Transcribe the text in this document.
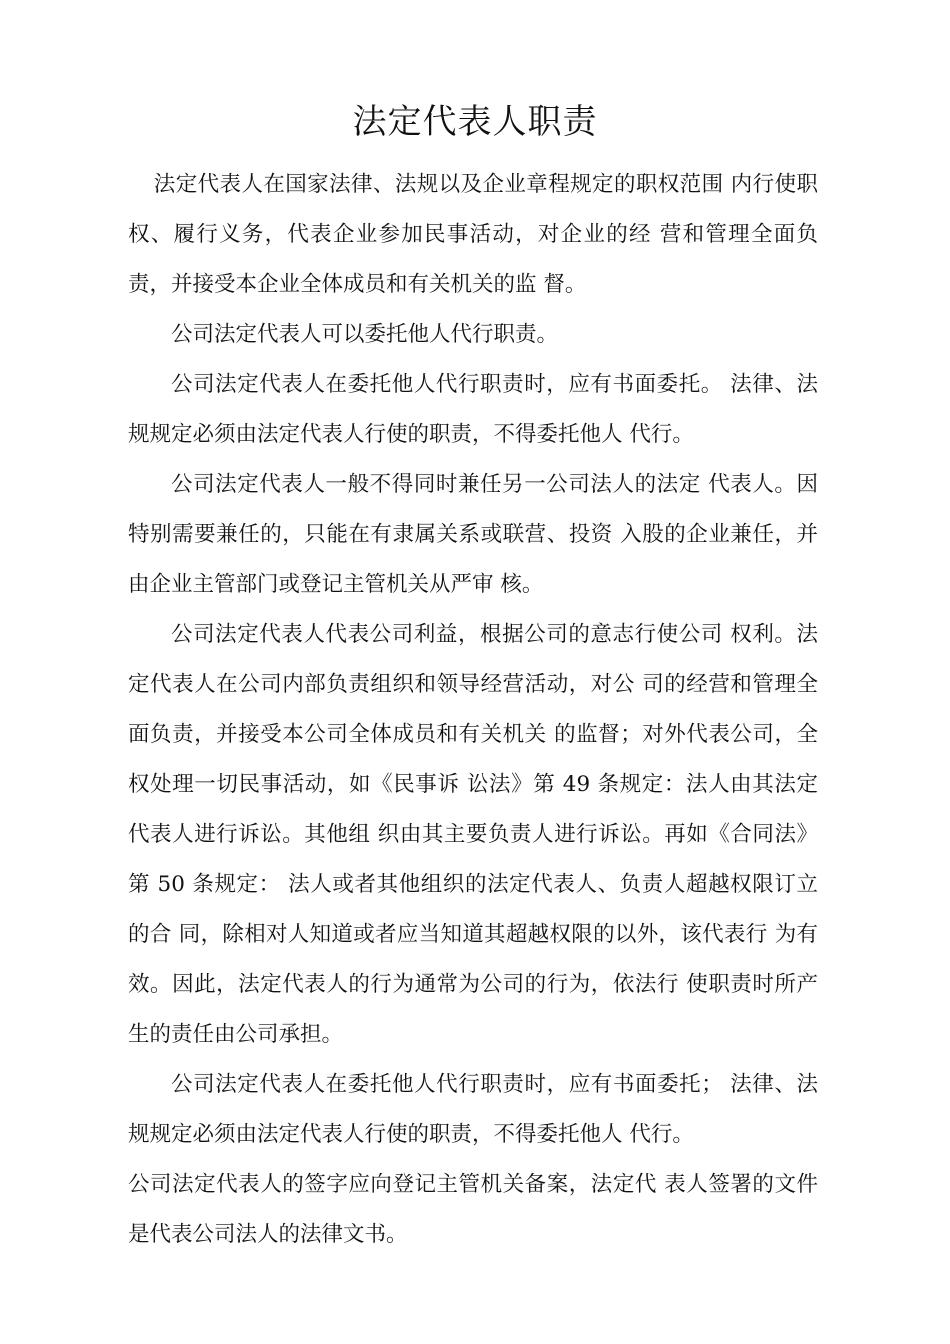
法定代表人职责

法定代表人在国家法律、法规以及企业章程规定的职权范围 内行使职权、履行义务，代表企业参加民事活动，对企业的经 营和管理全面负责，并接受本企业全体成员和有关机关的监 督。

公司法定代表人可以委托他人代行职责。

公司法定代表人在委托他人代行职责时，应有书面委托。 法律、法规规定必须由法定代表人行使的职责，不得委托他人 代行。

公司法定代表人一般不得同时兼任另一公司法人的法定 代表人。因特别需要兼任的，只能在有隶属关系或联营、投资 入股的企业兼任，并由企业主管部门或登记主管机关从严审 核。

公司法定代表人代表公司利益，根据公司的意志行使公司 权利。法定代表人在公司内部负责组织和领导经营活动，对公 司的经营和管理全面负责，并接受本公司全体成员和有关机关 的监督；对外代表公司，全权处理一切民事活动，如《民事诉 讼法》第 49 条规定：法人由其法定代表人进行诉讼。其他组 织由其主要负责人进行诉讼。再如《合同法》第 50 条规定： 法人或者其他组织的法定代表人、负责人超越权限订立的合 同，除相对人知道或者应当知道其超越权限的以外，该代表行 为有效。因此，法定代表人的行为通常为公司的行为，依法行 使职责时所产生的责任由公司承担。

公司法定代表人在委托他人代行职责时，应有书面委托； 法律、法规规定必须由法定代表人行使的职责，不得委托他人 代行。

公司法定代表人的签字应向登记主管机关备案，法定代 表人签署的文件是代表公司法人的法律文书。
